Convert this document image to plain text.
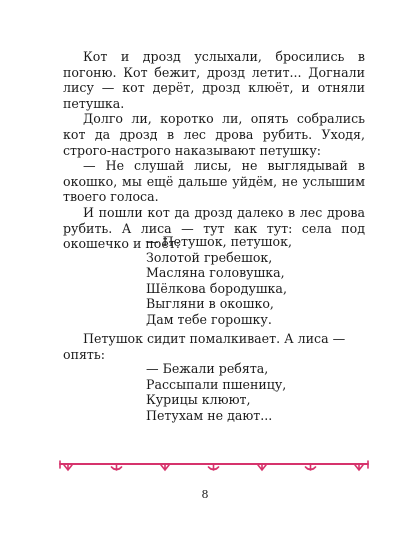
Кот и дрозд услыхали, бросились в погоню. Кот бежит, дрозд летит... Догнали лису — кот дерёт, дрозд клюёт, и отняли петушка.

Долго ли, коротко ли, опять собрались кот да дрозд в лес дрова рубить. Уходя, строго-настрого наказывают петушку:

— Не слушай лисы, не выглядывай в окошко, мы ещё дальше уйдём, не услышим твоего голоса.

И пошли кот да дрозд далеко в лес дрова рубить. А лиса — тут как тут: села под окошечко и поёт:

— Петушок, петушок,
Золотой гребешок,
Масляна головушка,
Шёлкова бородушка,
Выгляни в окошко,
Дам тебе горошку.

Петушок сидит помалкивает. А лиса — опять:

— Бежали ребята,
Рассыпали пшеницу,
Курицы клюют,
Петухам не дают...
8
